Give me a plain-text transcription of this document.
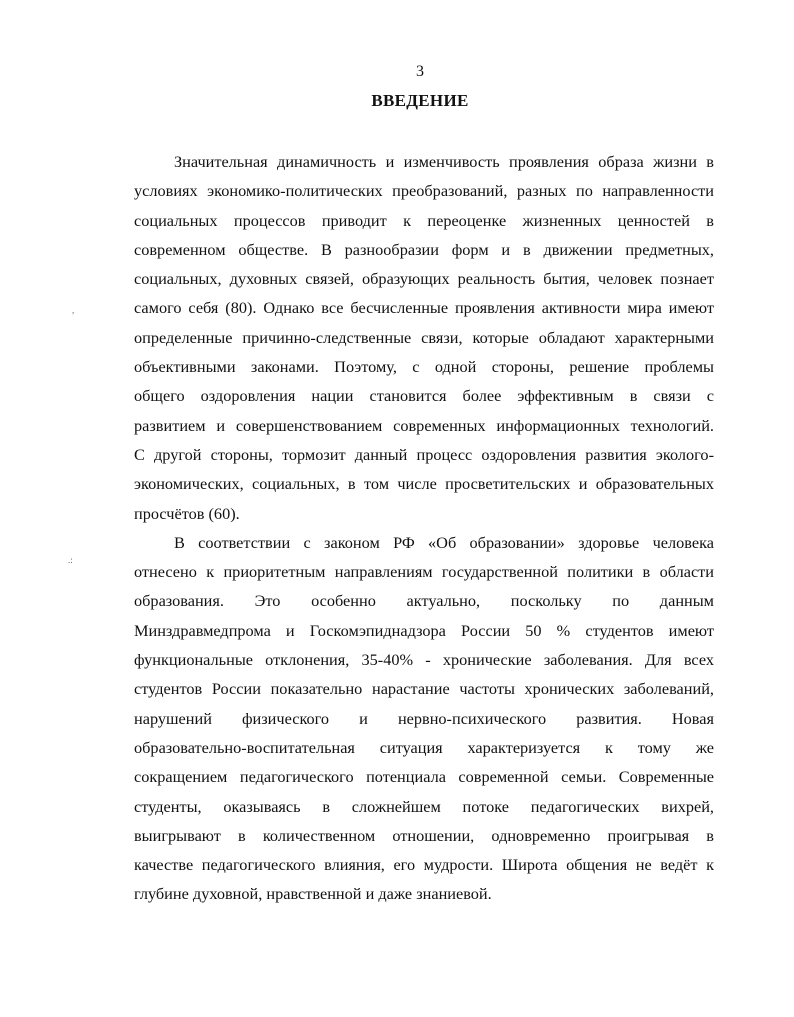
3
ВВЕДЕНИЕ
Значительная динамичность и изменчивость проявления образа жизни в
условиях экономико-политических преобразований, разных по направленности
социальных процессов приводит к переоценке жизненных ценностей в
современном обществе. В разнообразии форм и в движении предметных,
социальных, духовных связей, образующих реальность бытия, человек познает
самого себя (80). Однако все бесчисленные проявления активности мира имеют
определенные причинно-следственные связи, которые обладают характерными
объективными законами. Поэтому, с одной стороны, решение проблемы
общего оздоровления нации становится более эффективным в связи с
развитием и совершенствованием современных информационных технологий.
С другой стороны, тормозит данный процесс оздоровления развития эколого-
экономических, социальных, в том числе просветительских и образовательных
просчётов (60).
В соответствии с законом РФ «Об образовании» здоровье человека
отнесено к приоритетным направлениям государственной политики в области
образования. Это особенно актуально, поскольку по данным
Минздравмедпрома и Госкомэпиднадзора России 50 % студентов имеют
функциональные отклонения, 35-40% - хронические заболевания. Для всех
студентов России показательно нарастание частоты хронических заболеваний,
нарушений физического и нервно-психического развития. Новая
образовательно-воспитательная ситуация характеризуется к тому же
сокращением педагогического потенциала современной семьи. Современные
студенты, оказываясь в сложнейшем потоке педагогических вихрей,
выигрывают в количественном отношении, одновременно проигрывая в
качестве педагогического влияния, его мудрости. Широта общения не ведёт к
глубине духовной, нравственной и даже знаниевой.
,
.:
